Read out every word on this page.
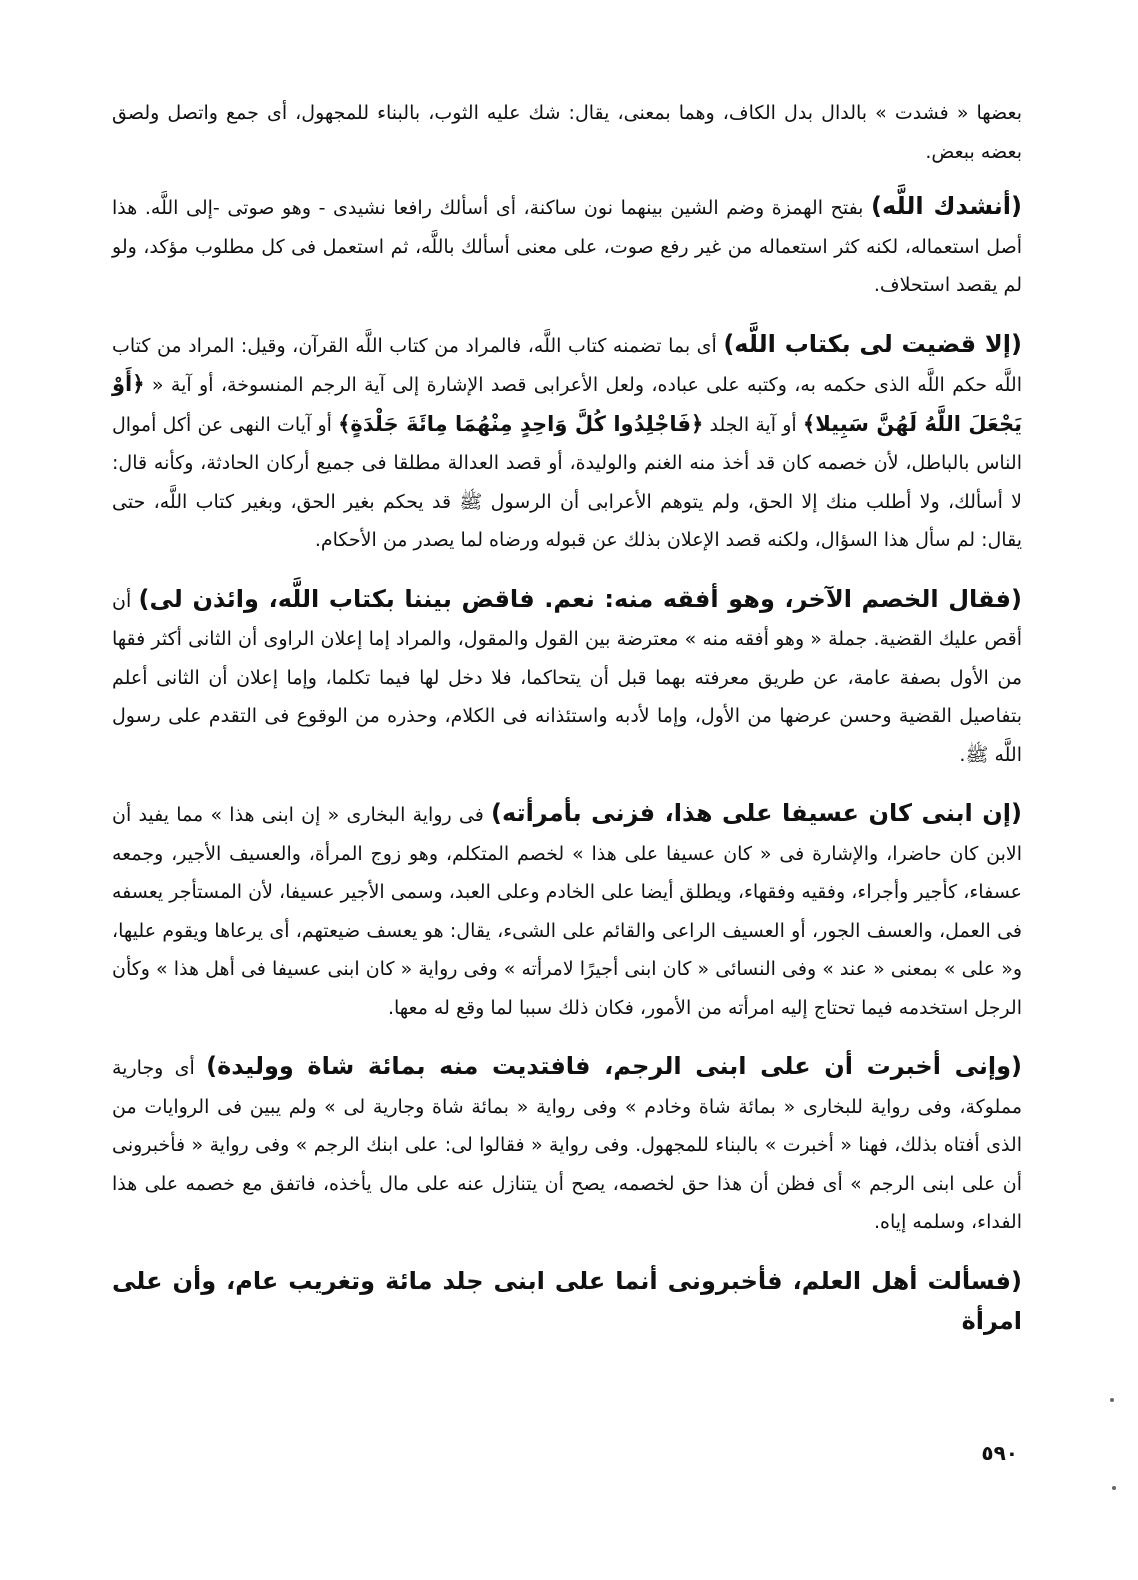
بعضها « فشدت » بالدال بدل الكاف، وهما بمعنى، يقال: شك عليه الثوب، بالبناء للمجهول، أى جمع واتصل ولصق بعضه ببعض.

(أنشدك اللَّه) بفتح الهمزة وضم الشين بينهما نون ساكنة، أى أسألك رافعا نشيدى - وهو صوتى -إلى اللَّه. هذا أصل استعماله، لكنه كثر استعماله من غير رفع صوت، على معنى أسألك باللَّه، ثم استعمل فى كل مطلوب مؤكد، ولو لم يقصد استحلاف.

(إلا قضيت لى بكتاب اللَّه) أى بما تضمنه كتاب اللَّه، فالمراد من كتاب اللَّه القرآن، وقيل: المراد من كتاب اللَّه حكم اللَّه الذى حكمه به، وكتبه على عباده، ولعل الأعرابى قصد الإشارة إلى آية الرجم المنسوخة، أو آية « ﴿أَوْ يَجْعَلَ اللَّهُ لَهُنَّ سَبِيلا﴾ أو آية الجلد ﴿فَاجْلِدُوا كُلَّ وَاحِدٍ مِنْهُمَا مِائَةَ جَلْدَةٍ﴾ أو آيات النهى عن أكل أموال الناس بالباطل، لأن خصمه كان قد أخذ منه الغنم والوليدة، أو قصد العدالة مطلقا فى جميع أركان الحادثة، وكأنه قال: لا أسألك، ولا أطلب منك إلا الحق، ولم يتوهم الأعرابى أن الرسول ﷺ قد يحكم بغير الحق، وبغير كتاب اللَّه، حتى يقال: لم سأل هذا السؤال، ولكنه قصد الإعلان بذلك عن قبوله ورضاه لما يصدر من الأحكام.

(فقال الخصم الآخر، وهو أفقه منه: نعم. فاقض بيننا بكتاب اللَّه، وائذن لى) أن أقص عليك القضية. جملة « وهو أفقه منه » معترضة بين القول والمقول، والمراد إما إعلان الراوى أن الثانى أكثر فقها من الأول بصفة عامة، عن طريق معرفته بهما قبل أن يتحاكما، فلا دخل لها فيما تكلما، وإما إعلان أن الثانى أعلم بتفاصيل القضية وحسن عرضها من الأول، وإما لأدبه واستئذانه فى الكلام، وحذره من الوقوع فى التقدم على رسول اللَّه ﷺ.

(إن ابنى كان عسيفا على هذا، فزنى بأمرأته) فى رواية البخارى « إن ابنى هذا » مما يفيد أن الابن كان حاضرا، والإشارة فى « كان عسيفا على هذا » لخصم المتكلم، وهو زوج المرأة، والعسيف الأجير، وجمعه عسفاء، كأجير وأجراء، وفقيه وفقهاء، ويطلق أيضا على الخادم وعلى العبد، وسمى الأجير عسيفا، لأن المستأجر يعسفه فى العمل، والعسف الجور، أو العسيف الراعى والقائم على الشىء، يقال: هو يعسف ضيعتهم، أى يرعاها ويقوم عليها، و« على » بمعنى « عند » وفى النسائى « كان ابنى أجيرًا لامرأته » وفى رواية « كان ابنى عسيفا فى أهل هذا » وكأن الرجل استخدمه فيما تحتاج إليه امرأته من الأمور، فكان ذلك سببا لما وقع له معها.

(وإنى أخبرت أن على ابنى الرجم، فافتديت منه بمائة شاة ووليدة) أى وجارية مملوكة، وفى رواية للبخارى « بمائة شاة وخادم » وفى رواية « بمائة شاة وجارية لى » ولم يبين فى الروايات من الذى أفتاه بذلك، فهنا « أخبرت » بالبناء للمجهول. وفى رواية « فقالوا لى: على ابنك الرجم » وفى رواية « فأخبرونى أن على ابنى الرجم » أى فظن أن هذا حق لخصمه، يصح أن يتنازل عنه على مال يأخذه، فاتفق مع خصمه على هذا الفداء، وسلمه إياه.

(فسألت أهل العلم، فأخبرونى أنما على ابنى جلد مائة وتغريب عام، وأن على امرأة

٥٩٠
